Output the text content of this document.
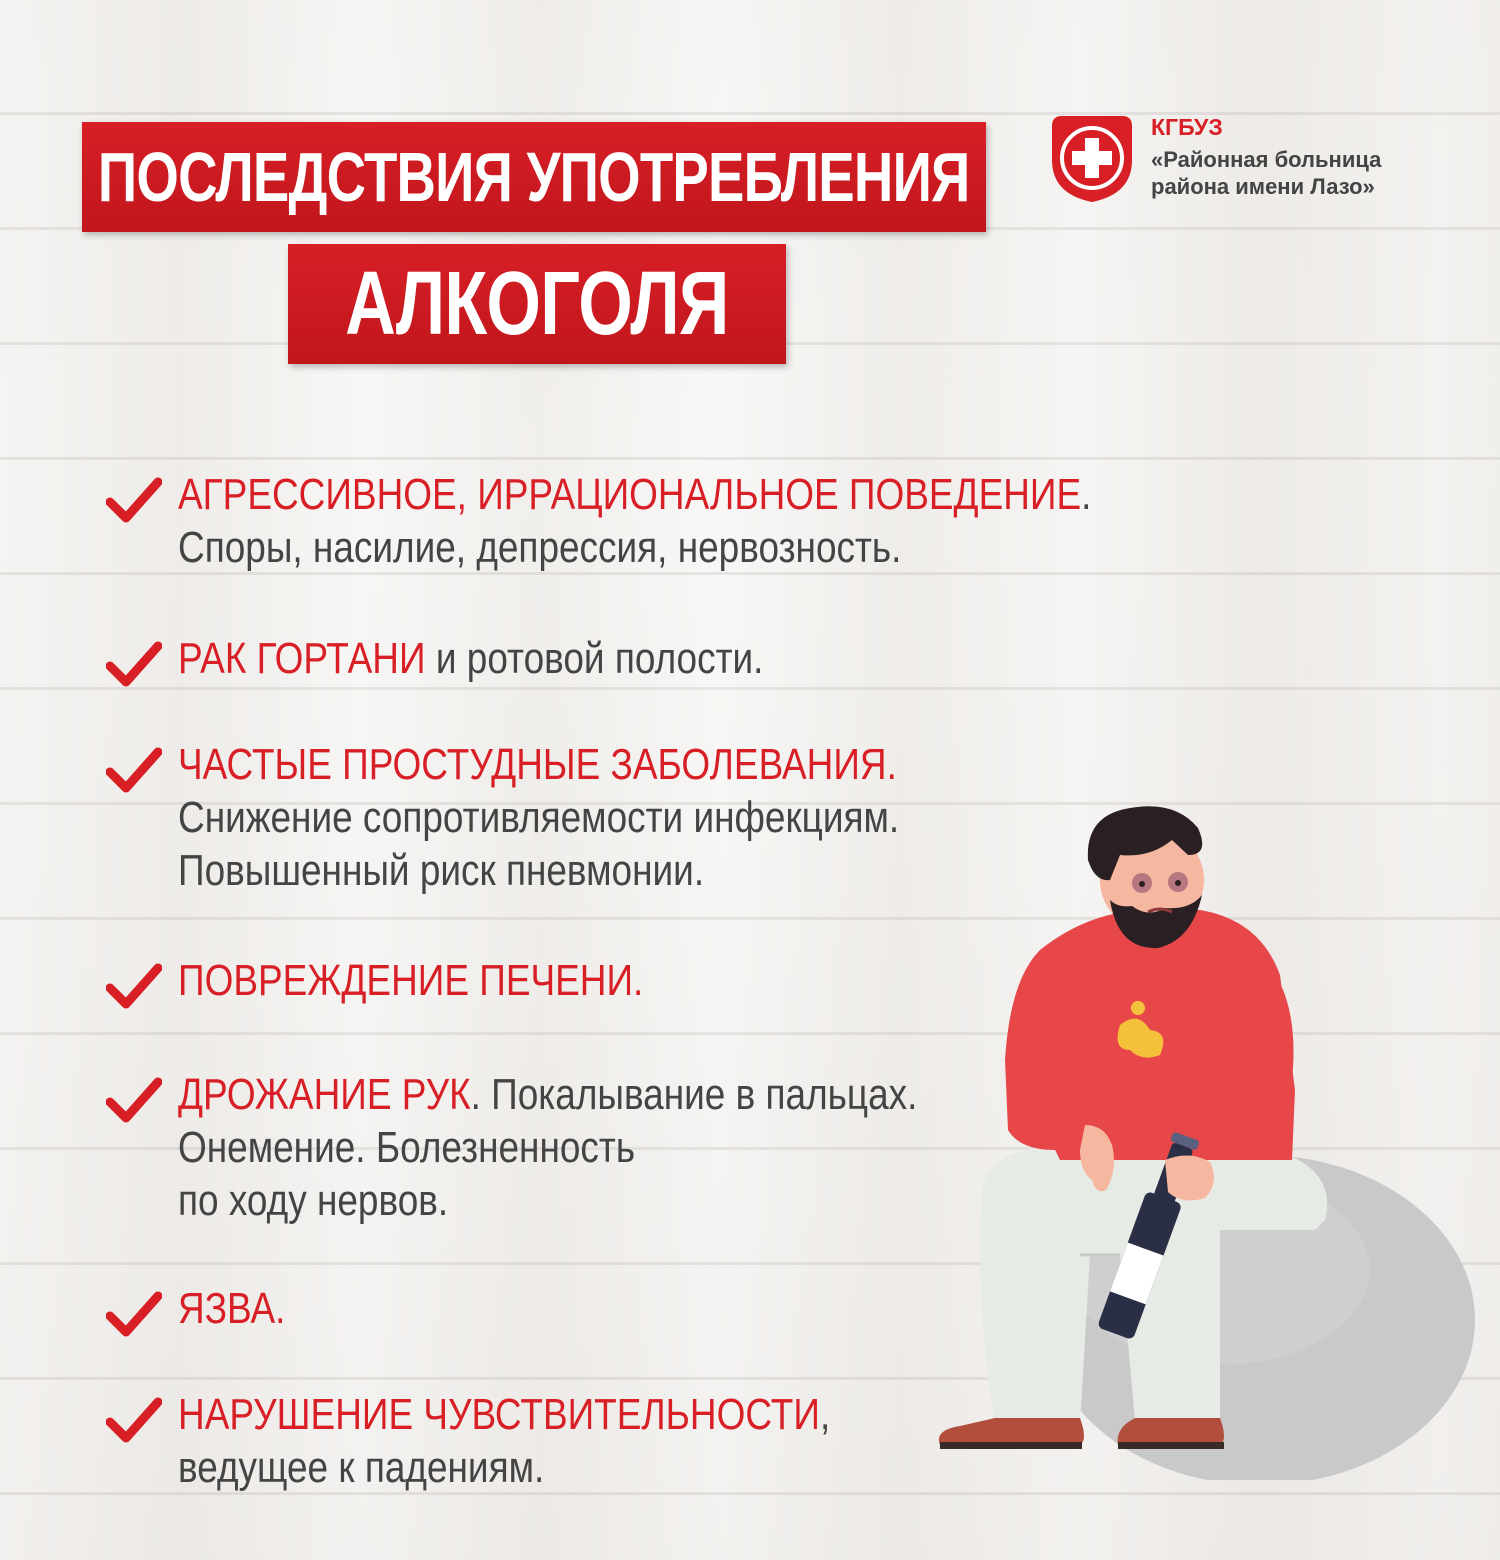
ПОСЛЕДСТВИЯ УПОТРЕБЛЕНИЯ
АЛКОГОЛЯ
КГБУЗ
«Районная больница
района имени Лазо»
АГРЕССИВНОЕ, ИРРАЦИОНАЛЬНОЕ ПОВЕДЕНИЕ.
Споры, насилие, депрессия, нервозность.
РАК ГОРТАНИ и ротовой полости.
ЧАСТЫЕ ПРОСТУДНЫЕ ЗАБОЛЕВАНИЯ.
Снижение сопротивляемости инфекциям.
Повышенный риск пневмонии.
ПОВРЕЖДЕНИЕ ПЕЧЕНИ.
ДРОЖАНИЕ РУК. Покалывание в пальцах.
Онемение. Болезненность
по ходу нервов.
ЯЗВА.
НАРУШЕНИЕ ЧУВСТВИТЕЛЬНОСТИ,
ведущее к падениям.
